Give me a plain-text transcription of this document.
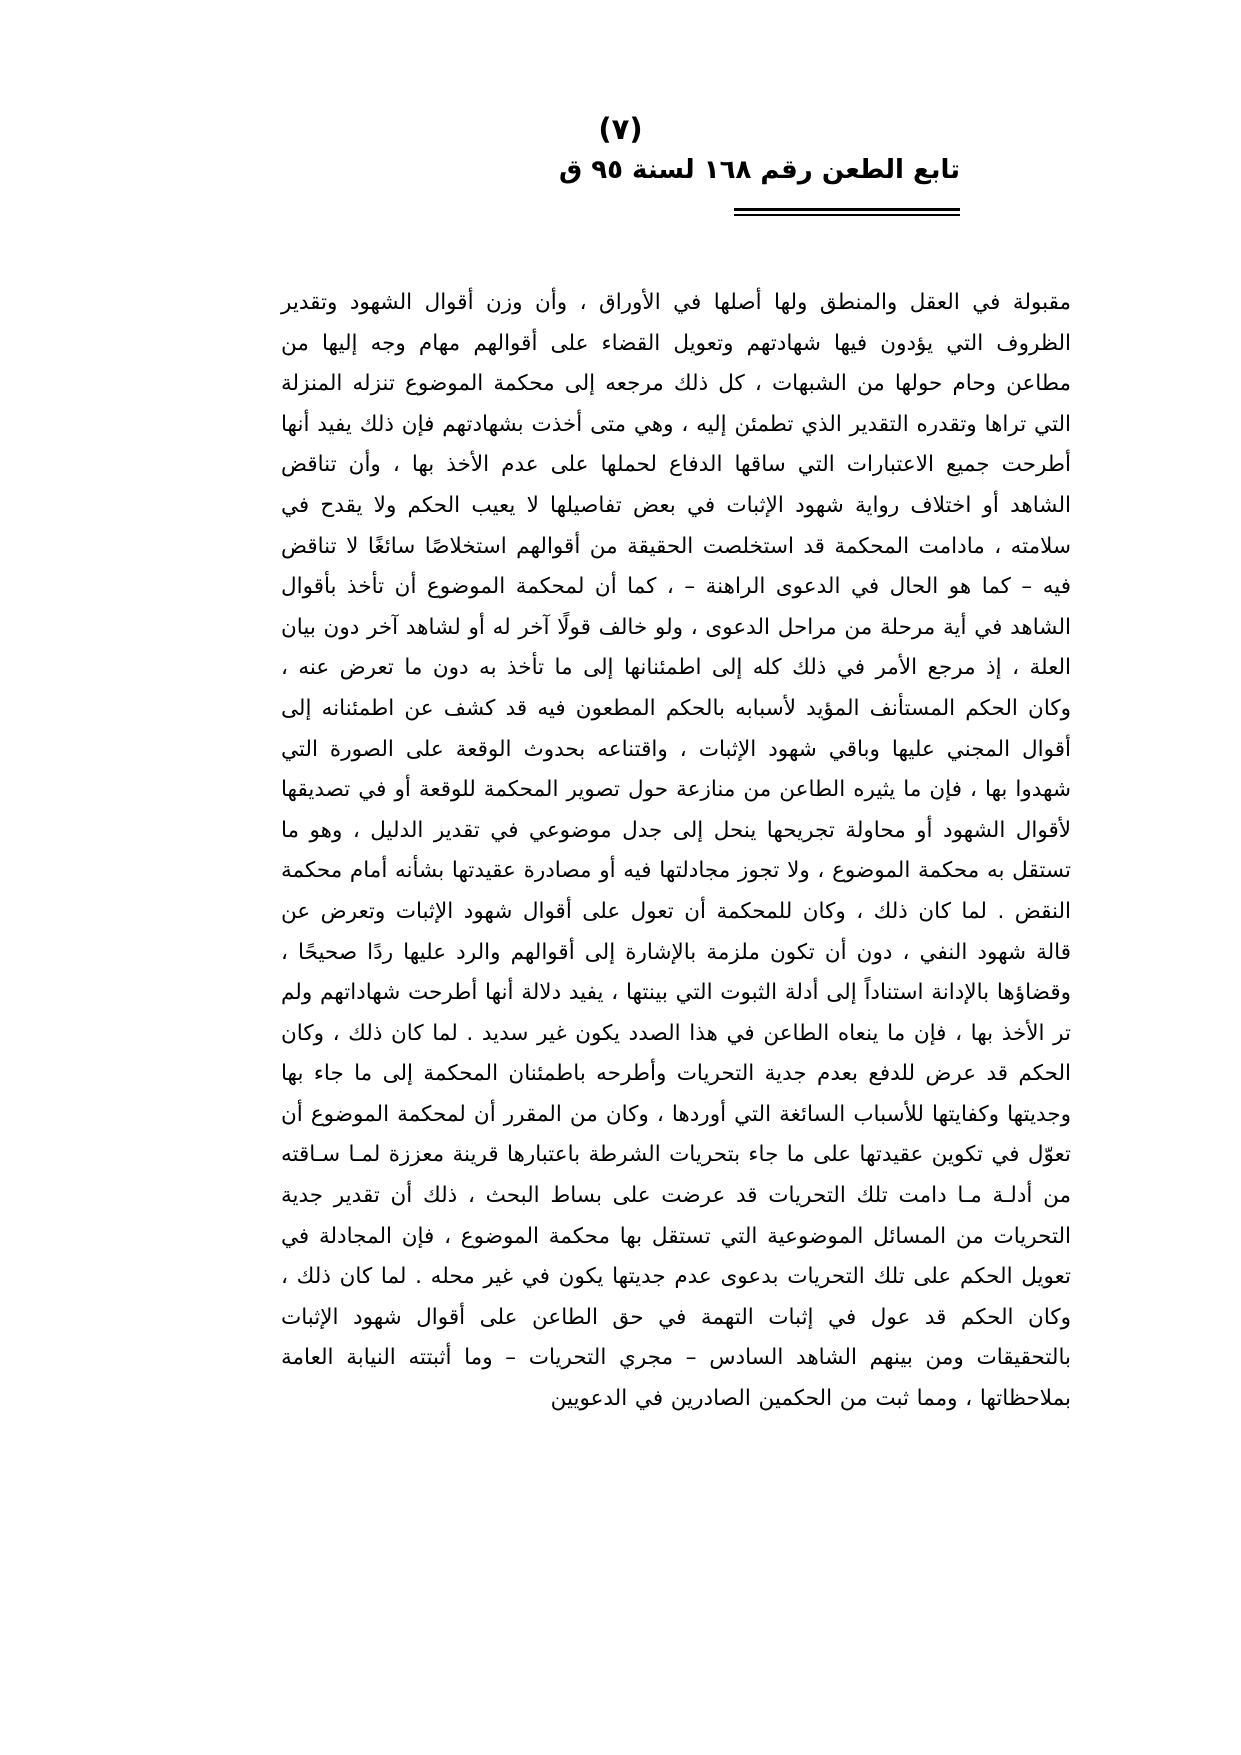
(٧)
تابع الطعن رقم ١٦٨ لسنة ٩٥ ق

مقبولة في العقل والمنطق ولها أصلها في الأوراق ، وأن وزن أقوال الشهود وتقدير الظروف التي يؤدون فيها شهادتهم وتعويل القضاء على أقوالهم مهام وجه إليها من مطاعن وحام حولها من الشبهات ، كل ذلك مرجعه إلى محكمة الموضوع تنزله المنزلة التي تراها وتقدره التقدير الذي تطمئن إليه ، وهي متى أخذت بشهادتهم فإن ذلك يفيد أنها أطرحت جميع الاعتبارات التي ساقها الدفاع لحملها على عدم الأخذ بها ، وأن تناقض الشاهد أو اختلاف رواية شهود الإثبات في بعض تفاصيلها لا يعيب الحكم ولا يقدح في سلامته ، مادامت المحكمة قد استخلصت الحقيقة من أقوالهم استخلاصًا سائغًا لا تناقض فيه – كما هو الحال في الدعوى الراهنة – ، كما أن لمحكمة الموضوع أن تأخذ بأقوال الشاهد في أية مرحلة من مراحل الدعوى ، ولو خالف قولًا آخر له أو لشاهد آخر دون بيان العلة ، إذ مرجع الأمر في ذلك كله إلى اطمئنانها إلى ما تأخذ به دون ما تعرض عنه ، وكان الحكم المستأنف المؤيد لأسبابه بالحكم المطعون فيه قد كشف عن اطمئنانه إلى أقوال المجني عليها وباقي شهود الإثبات ، واقتناعه بحدوث الوقعة على الصورة التي شهدوا بها ، فإن ما يثيره الطاعن من منازعة حول تصوير المحكمة للوقعة أو في تصديقها لأقوال الشهود أو محاولة تجريحها ينحل إلى جدل موضوعي في تقدير الدليل ، وهو ما تستقل به محكمة الموضوع ، ولا تجوز مجادلتها فيه أو مصادرة عقيدتها بشأنه أمام محكمة النقض . لما كان ذلك ، وكان للمحكمة أن تعول على أقوال شهود الإثبات وتعرض عن قالة شهود النفي ، دون أن تكون ملزمة بالإشارة إلى أقوالهم والرد عليها ردًا صحيحًا ، وقضاؤها بالإدانة استناداً إلى أدلة الثبوت التي بينتها ، يفيد دلالة أنها أطرحت شهاداتهم ولم تر الأخذ بها ، فإن ما ينعاه الطاعن في هذا الصدد يكون غير سديد . لما كان ذلك ، وكان الحكم قد عرض للدفع بعدم جدية التحريات وأطرحه باطمئنان المحكمة إلى ما جاء بها وجديتها وكفايتها للأسباب السائغة التي أوردها ، وكان من المقرر أن لمحكمة الموضوع أن تعوّل في تكوين عقيدتها على ما جاء بتحريات الشرطة باعتبارها قرينة معززة لمـا سـاقته من أدلـة مـا دامت تلك التحريات قد عرضت على بساط البحث ، ذلك أن تقدير جدية التحريات من المسائل الموضوعية التي تستقل بها محكمة الموضوع ، فإن المجادلة في تعويل الحكم على تلك التحريات بدعوى عدم جديتها يكون في غير محله . لما كان ذلك ، وكان الحكم قد عول في إثبات التهمة في حق الطاعن على أقوال شهود الإثبات بالتحقيقات ومن بينهم الشاهد السادس – مجري التحريات – وما أثبتته النيابة العامة بملاحظاتها ، ومما ثبت من الحكمين الصادرين في الدعويين
